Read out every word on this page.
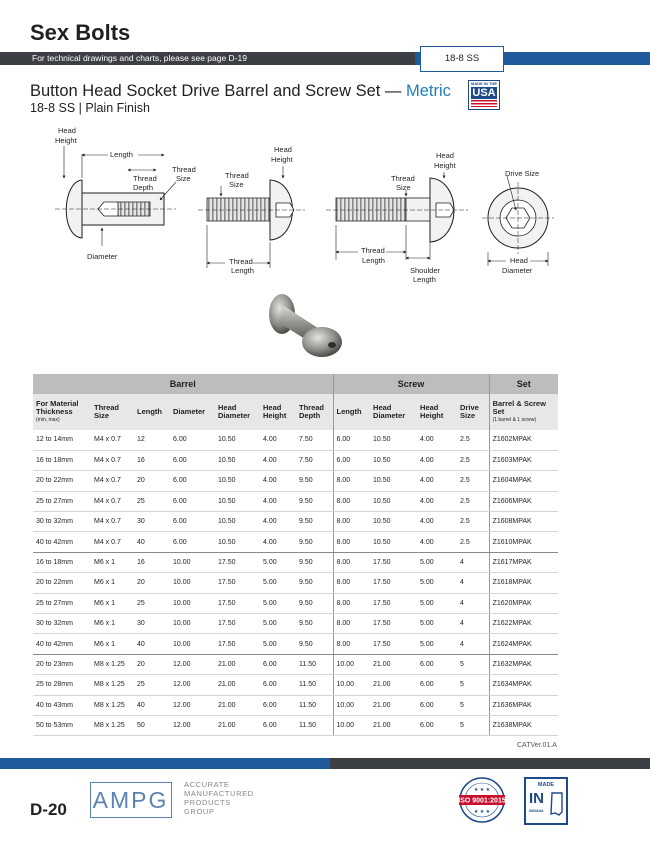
Sex Bolts
For technical drawings and charts, please see page D-19	18-8 SS
Button Head Socket Drive Barrel and Screw Set — Metric
18-8 SS | Plain Finish
MADE IN THE
USA
Head
Height
Length
Thread
Depth
Thread
Size
Diameter
Thread
Size
Head
Height
Thread
Length
Thread
Size
Head
Height
Thread
Length
Shoulder
Length
Drive Size
Head
Diameter
Barrel							Screw				Set
For Material Thickness
(min, max)	Thread Size	Length	Diameter	Head Diameter	Head Height	Thread Depth	Length	Head Diameter	Head Height	Drive Size	Barrel & Screw Set
(1 barrel & 1 screw)

12 to 14mm	M4 x 0.7	12	6.00	10.50	4.00	7.50	6.00	10.50	4.00	2.5	Z1602MPAK
16 to 18mm	M4 x 0.7	16	6.00	10.50	4.00	7.50	6.00	10.50	4.00	2.5	Z1603MPAK
20 to 22mm	M4 x 0.7	20	6.00	10.50	4.00	9.50	8.00	10.50	4.00	2.5	Z1604MPAK
25 to 27mm	M4 x 0.7	25	6.00	10.50	4.00	9.50	8.00	10.50	4.00	2.5	Z1606MPAK
30 to 32mm	M4 x 0.7	30	6.00	10.50	4.00	9.50	8.00	10.50	4.00	2.5	Z1608MPAK
40 to 42mm	M4 x 0.7	40	6.00	10.50	4.00	9.50	8.00	10.50	4.00	2.5	Z1610MPAK
16 to 18mm	M6 x 1	16	10.00	17.50	5.00	9.50	8.00	17.50	5.00	4	Z1617MPAK
20 to 22mm	M6 x 1	20	10.00	17.50	5.00	9.50	8.00	17.50	5.00	4	Z1618MPAK
25 to 27mm	M6 x 1	25	10.00	17.50	5.00	9.50	8.00	17.50	5.00	4	Z1620MPAK
30 to 32mm	M6 x 1	30	10.00	17.50	5.00	9.50	8.00	17.50	5.00	4	Z1622MPAK
40 to 42mm	M6 x 1	40	10.00	17.50	5.00	9.50	8.00	17.50	5.00	4	Z1624MPAK
20 to 23mm	M8 x 1.25	20	12.00	21.00	6.00	11.50	10.00	21.00	6.00	5	Z1632MPAK
25 to 28mm	M8 x 1.25	25	12.00	21.00	6.00	11.50	10.00	21.00	6.00	5	Z1634MPAK
40 to 43mm	M8 x 1.25	40	12.00	21.00	6.00	11.50	10.00	21.00	6.00	5	Z1636MPAK
50 to 53mm	M8 x 1.25	50	12.00	21.00	6.00	11.50	10.00	21.00	6.00	5	Z1638MPAK
CATVer.01.A
D-20 AMPG
ACCURATE
MANUFACTURED
PRODUCTS
GROUP
ISO 9001:2015
★ ★ ★
★ ★ ★
MADE
IN
INDIANA
